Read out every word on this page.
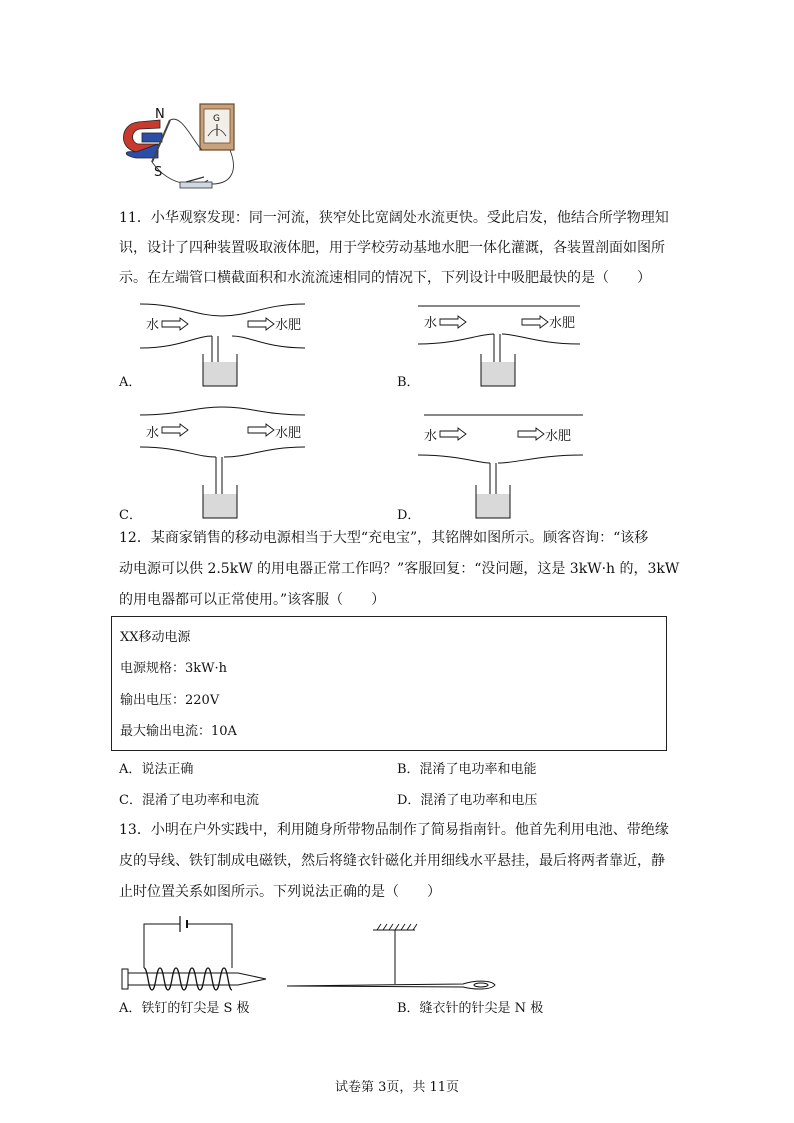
N
S
G
11．小华观察发现：同一河流，狭窄处比宽阔处水流更快。受此启发，他结合所学物理知
识，设计了四种装置吸取液体肥，用于学校劳动基地水肥一体化灌溉，各装置剖面如图所
示。在左端管口横截面积和水流流速相同的情况下，下列设计中吸肥最快的是（　　）
水	水肥
A．
水	水肥
B．
水	水肥
C．
水	水肥
D．
12．某商家销售的移动电源相当于大型“充电宝”，其铭牌如图所示。顾客咨询：“该移
动电源可以供 2.5kW 的用电器正常工作吗？”客服回复：“没问题，这是 3kW·h 的，3kW
的用电器都可以正常使用。”该客服（　　）
XX移动电源
电源规格：3kW·h
输出电压：220V
最大输出电流：10A
A．说法正确	B．混淆了电功率和电能
C．混淆了电功率和电流	D．混淆了电功率和电压
13．小明在户外实践中，利用随身所带物品制作了简易指南针。他首先利用电池、带绝缘
皮的导线、铁钉制成电磁铁，然后将缝衣针磁化并用细线水平悬挂，最后将两者靠近，静
止时位置关系如图所示。下列说法正确的是（　　）
A．铁钉的钉尖是 S 极	B．缝衣针的针尖是 N 极
试卷第 3页，共 11页
